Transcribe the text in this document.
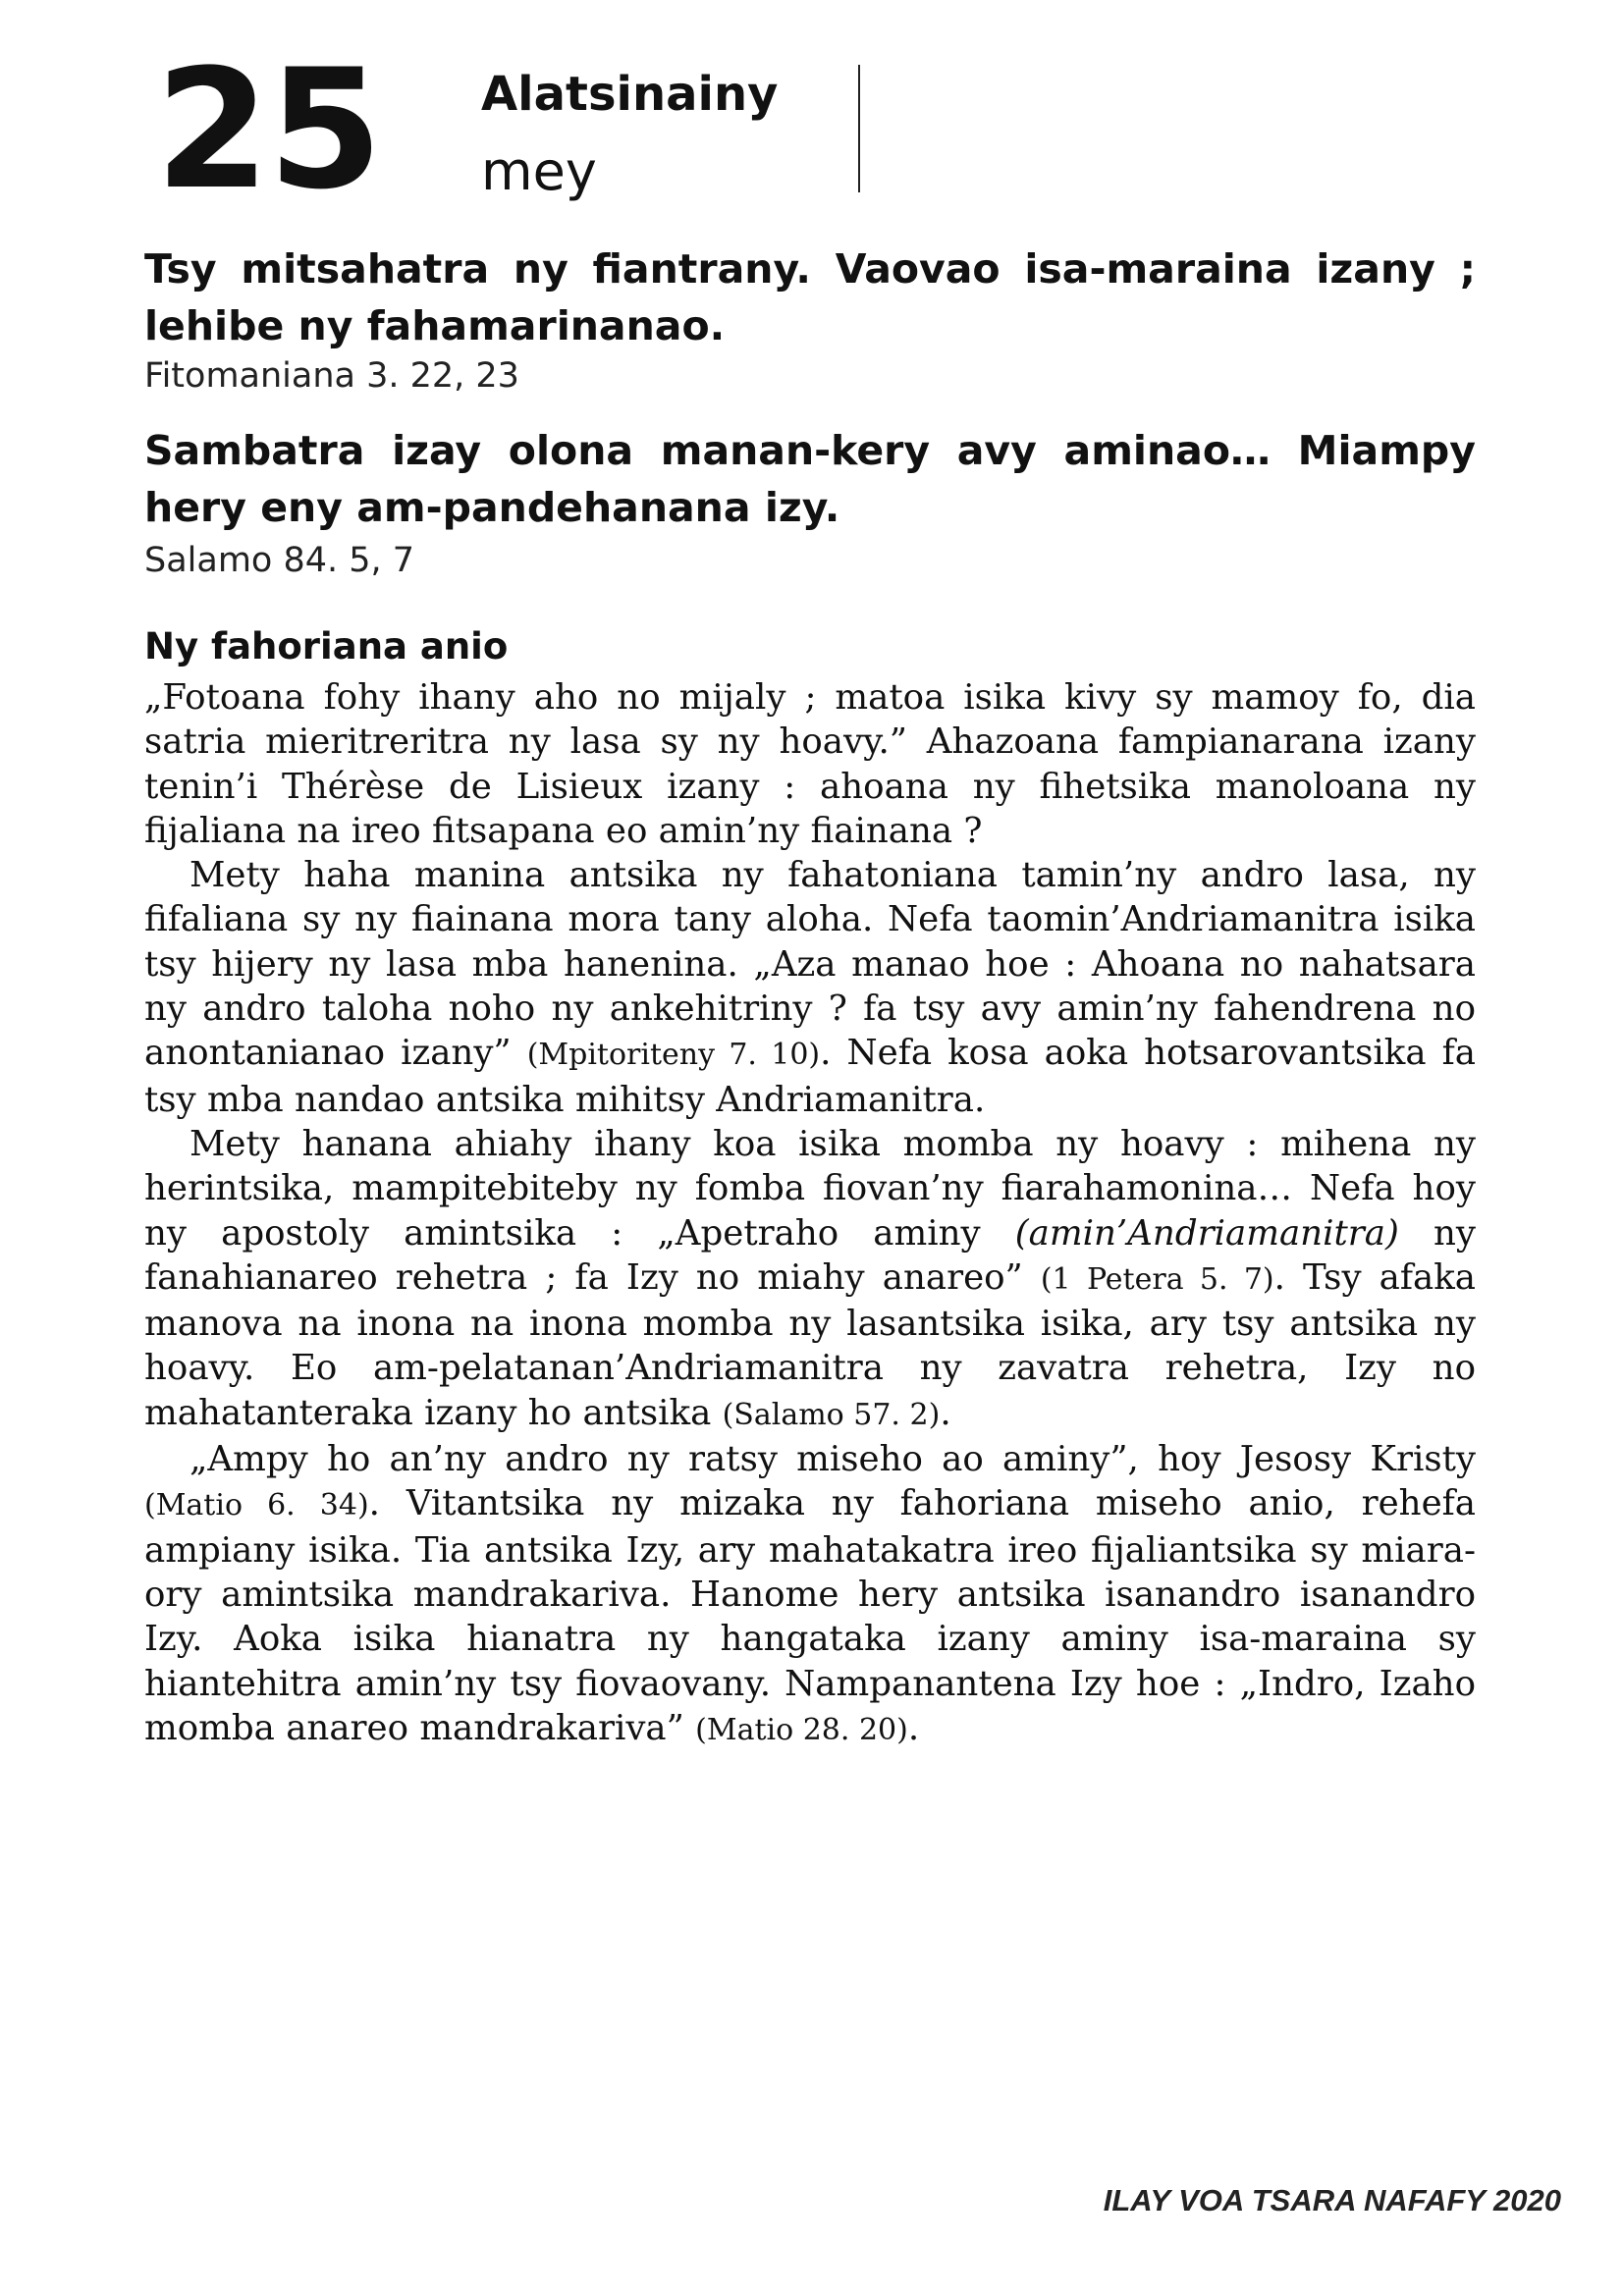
25 Alatsinainy
mey
Tsy mitsahatra ny fiantrany. Vaovao isa-maraina izany ; lehibe ny fahamarinanao.
Fitomaniana 3. 22, 23
Sambatra izay olona manan-kery avy aminao… Miampy hery eny am-pandehanana izy.
Salamo 84. 5, 7
Ny fahoriana anio

„Fotoana fohy ihany aho no mijaly ; matoa isika kivy sy mamoy fo, dia satria mieritreritra ny lasa sy ny hoavy.” Ahazoana fampianarana izany tenin’i Thérèse de Lisieux izany : ahoana ny fihetsika manoloana ny fijaliana na ireo fitsapana eo amin’ny fiainana ?

Mety haha manina antsika ny fahatoniana tamin’ny andro lasa, ny fifaliana sy ny fiainana mora tany aloha. Nefa taomin’Andriamanitra isika tsy hijery ny lasa mba hanenina. „Aza manao hoe : Ahoana no nahatsara ny andro taloha noho ny ankehitriny ? fa tsy avy amin’ny fahendrena no anontanianao izany” (Mpitoriteny 7. 10). Nefa kosa aoka hotsarovantsika fa tsy mba nandao antsika mihitsy Andriamanitra.

Mety hanana ahiahy ihany koa isika momba ny hoavy : mihena ny herintsika, mampitebiteby ny fomba fiovan’ny fiarahamonina… Nefa hoy ny apostoly amintsika : „Apetraho aminy (amin’Andriamanitra) ny fanahianareo rehetra ; fa Izy no miahy anareo” (1 Petera 5. 7). Tsy afaka manova na inona na inona momba ny lasantsika isika, ary tsy antsika ny hoavy. Eo am-pelatanan’Andriamanitra ny zavatra rehetra, Izy no mahatanteraka izany ho antsika (Salamo 57. 2).

„Ampy ho an’ny andro ny ratsy miseho ao aminy”, hoy Jesosy Kristy (Matio 6. 34). Vitantsika ny mizaka ny fahoriana miseho anio, rehefa ampiany isika. Tia antsika Izy, ary mahatakatra ireo fijaliantsika sy miara-ory amintsika mandrakariva. Hanome hery antsika isanandro isanandro Izy. Aoka isika hianatra ny hangataka izany aminy isa-maraina sy hiantehitra amin’ny tsy fiovaovany. Nampanantena Izy hoe : „Indro, Izaho momba anareo mandrakariva” (Matio 28. 20).

ILAY VOA TSARA NAFAFY 2020
